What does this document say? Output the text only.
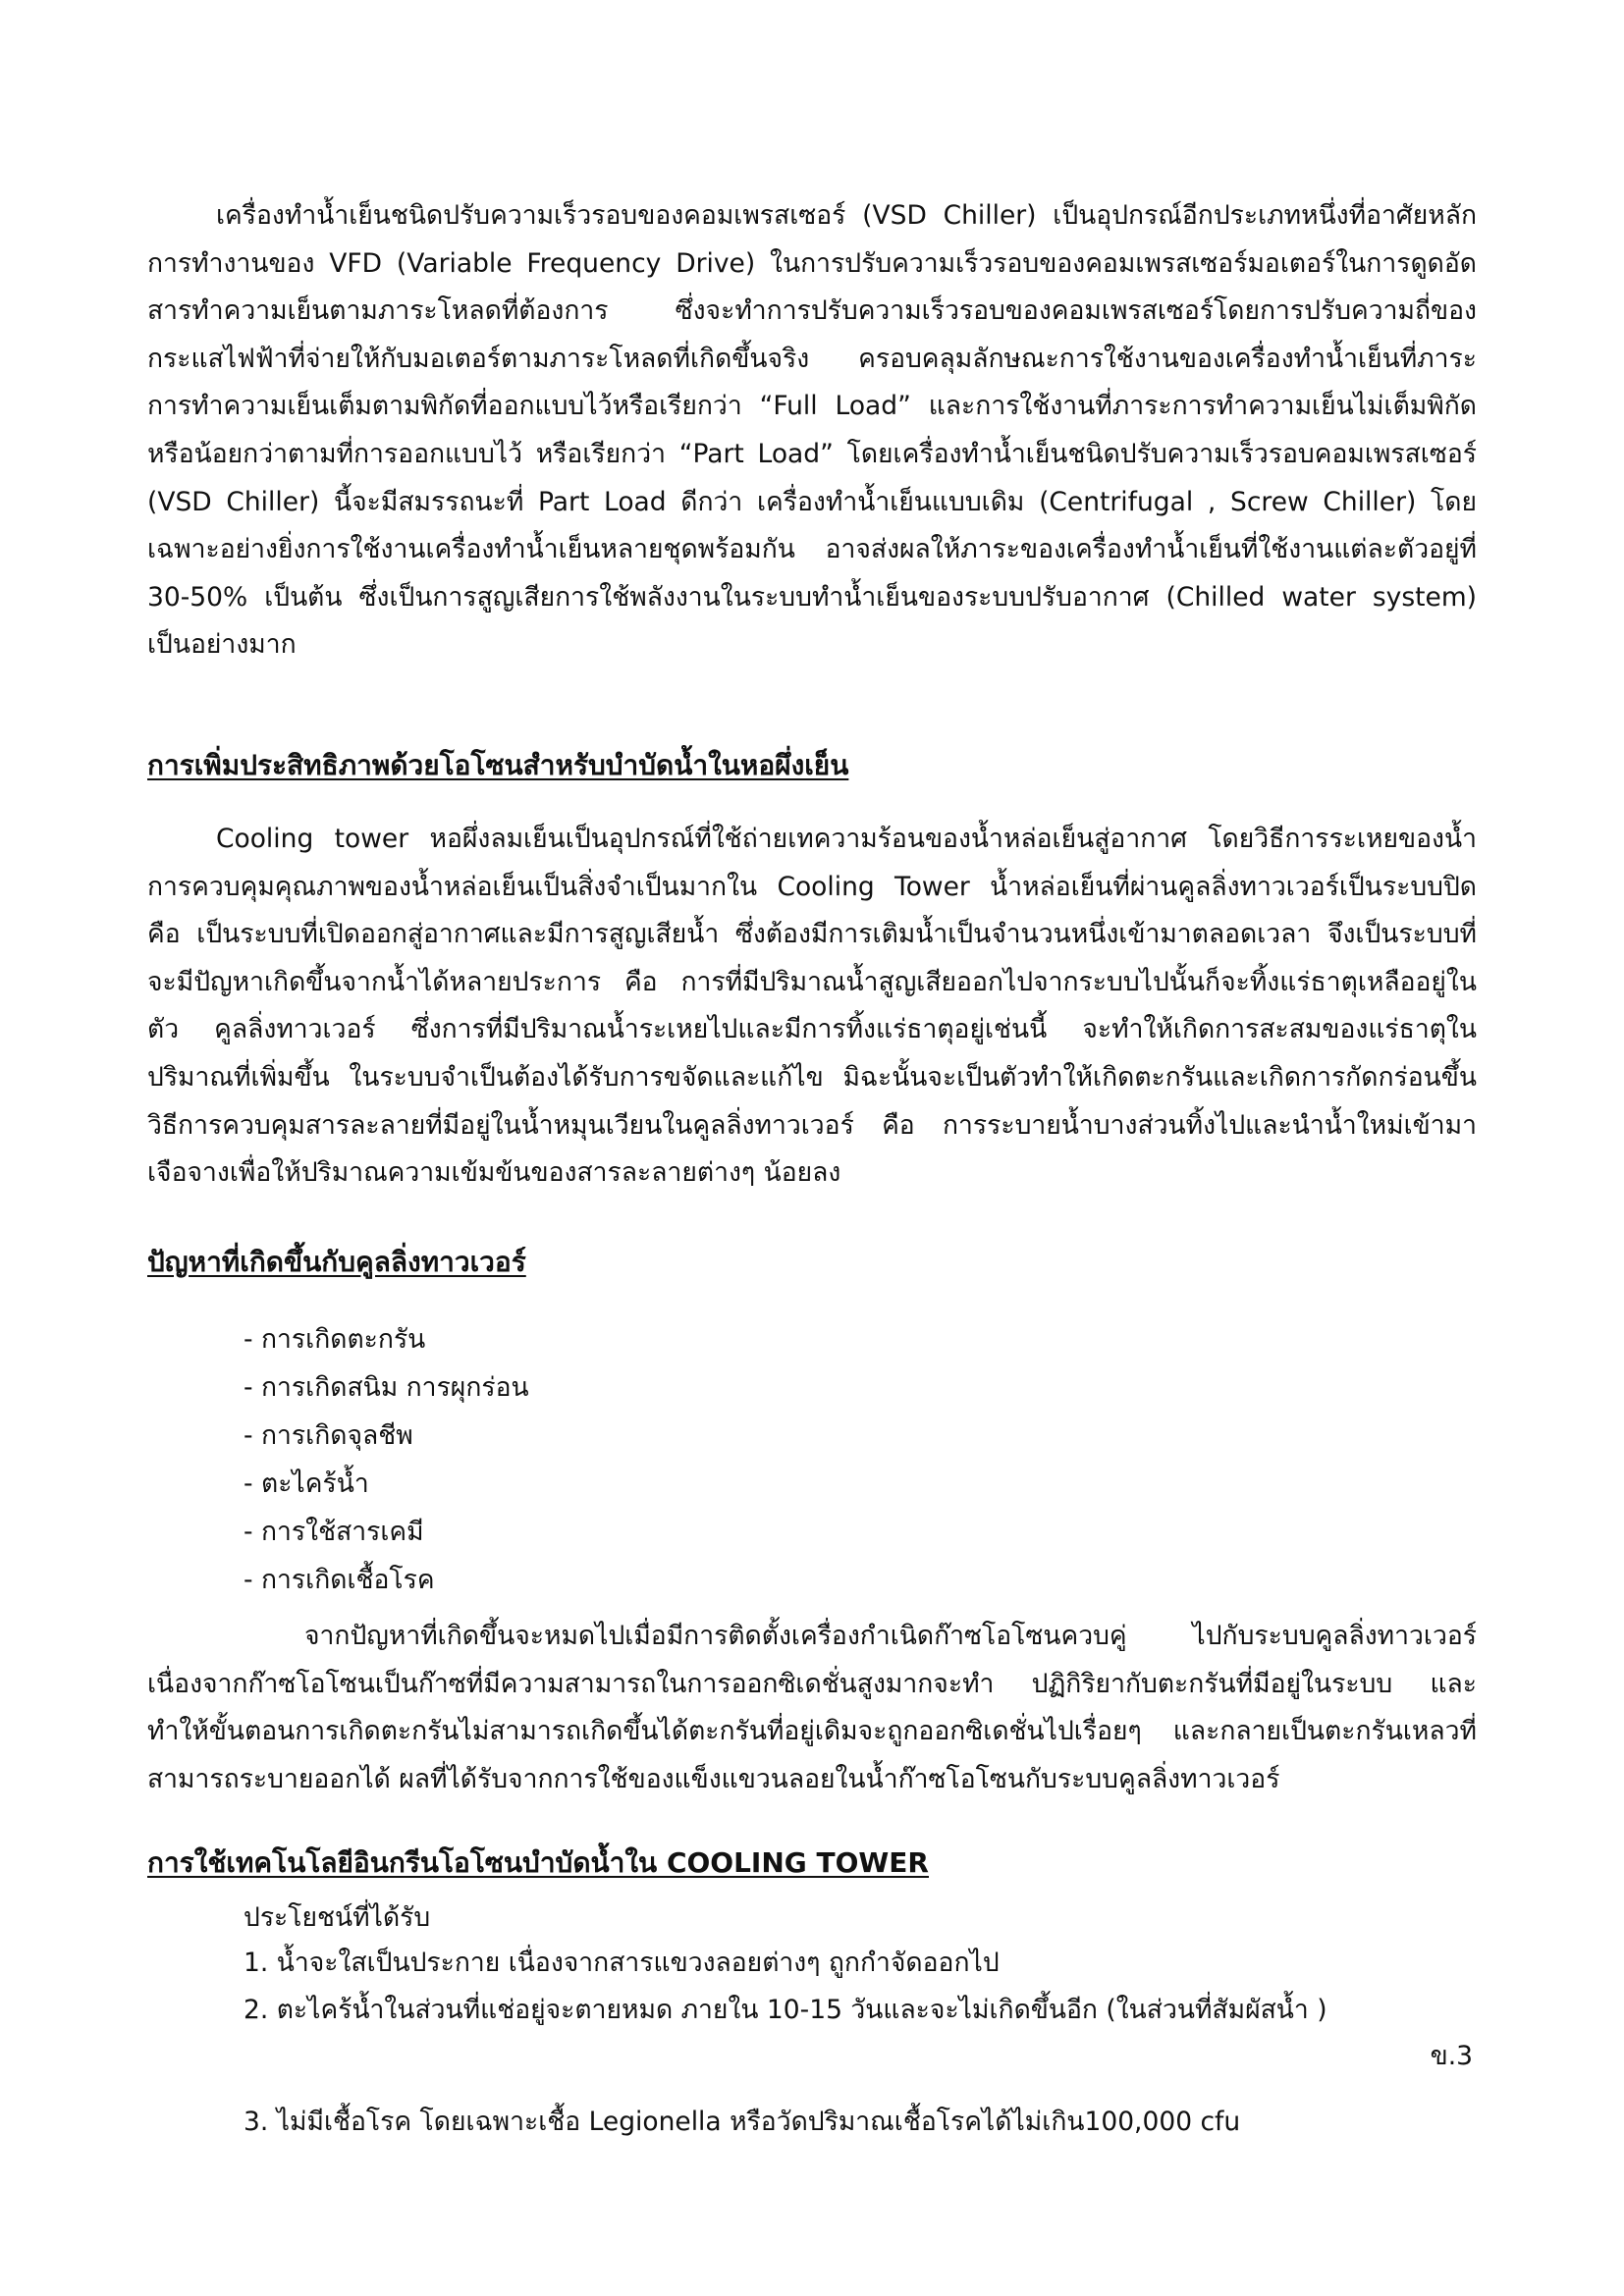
เครื่องทำน้ำเย็นชนิดปรับความเร็วรอบของคอมเพรสเซอร์ (VSD Chiller) เป็นอุปกรณ์อีกประเภทหนึ่งที่อาศัยหลักการทำงานของ VFD (Variable Frequency Drive) ในการปรับความเร็วรอบของคอมเพรสเซอร์มอเตอร์ในการดูดอัดสารทำความเย็นตามภาระโหลดที่ต้องการ ซึ่งจะทำการปรับความเร็วรอบของคอมเพรสเซอร์โดยการปรับความถี่ของกระแสไฟฟ้าที่จ่ายให้กับมอเตอร์ตามภาระโหลดที่เกิดขึ้นจริง ครอบคลุมลักษณะการใช้งานของเครื่องทำน้ำเย็นที่ภาระการทำความเย็นเต็มตามพิกัดที่ออกแบบไว้หรือเรียกว่า “Full Load” และการใช้งานที่ภาระการทำความเย็นไม่เต็มพิกัดหรือน้อยกว่าตามที่การออกแบบไว้ หรือเรียกว่า “Part Load” โดยเครื่องทำน้ำเย็นชนิดปรับความเร็วรอบคอมเพรสเซอร์ (VSD Chiller) นี้จะมีสมรรถนะที่ Part Load ดีกว่า เครื่องทำน้ำเย็นแบบเดิม (Centrifugal , Screw Chiller) โดยเฉพาะอย่างยิ่งการใช้งานเครื่องทำน้ำเย็นหลายชุดพร้อมกัน อาจส่งผลให้ภาระของเครื่องทำน้ำเย็นที่ใช้งานแต่ละตัวอยู่ที่ 30-50% เป็นต้น ซึ่งเป็นการสูญเสียการใช้พลังงานในระบบทำน้ำเย็นของระบบปรับอากาศ (Chilled water system) เป็นอย่างมาก

การเพิ่มประสิทธิภาพด้วยโอโซนสำหรับบำบัดน้ำในหอผึ่งเย็น

Cooling tower หอผึ่งลมเย็นเป็นอุปกรณ์ที่ใช้ถ่ายเทความร้อนของน้ำหล่อเย็นสู่อากาศ โดยวิธีการระเหยของน้ำ การควบคุมคุณภาพของน้ำหล่อเย็นเป็นสิ่งจำเป็นมากใน Cooling Tower น้ำหล่อเย็นที่ผ่านคูลลิ่งทาวเวอร์เป็นระบบปิด คือ เป็นระบบที่เปิดออกสู่อากาศและมีการสูญเสียน้ำ ซึ่งต้องมีการเติมน้ำเป็นจำนวนหนึ่งเข้ามาตลอดเวลา จึงเป็นระบบที่จะมีปัญหาเกิดขึ้นจากน้ำได้หลายประการ คือ การที่มีปริมาณน้ำสูญเสียออกไปจากระบบไปนั้นก็จะทิ้งแร่ธาตุเหลืออยู่ในตัว คูลลิ่งทาวเวอร์ ซึ่งการที่มีปริมาณน้ำระเหยไปและมีการทิ้งแร่ธาตุอยู่เช่นนี้ จะทำให้เกิดการสะสมของแร่ธาตุในปริมาณที่เพิ่มขึ้น ในระบบจำเป็นต้องได้รับการขจัดและแก้ไข มิฉะนั้นจะเป็นตัวทำให้เกิดตะกรันและเกิดการกัดกร่อนขึ้น วิธีการควบคุมสารละลายที่มีอยู่ในน้ำหมุนเวียนในคูลลิ่งทาวเวอร์ คือ การระบายน้ำบางส่วนทิ้งไปและนำน้ำใหม่เข้ามาเจือจางเพื่อให้ปริมาณความเข้มข้นของสารละลายต่างๆ น้อยลง

ปัญหาที่เกิดขึ้นกับคูลลิ่งทาวเวอร์
- การเกิดตะกรัน
- การเกิดสนิม การผุกร่อน
- การเกิดจุลชีพ
- ตะไคร้น้ำ
- การใช้สารเคมี
- การเกิดเชื้อโรค

จากปัญหาที่เกิดขึ้นจะหมดไปเมื่อมีการติดตั้งเครื่องกำเนิดก๊าซโอโซนควบคู่ ไปกับระบบคูลลิ่งทาวเวอร์เนื่องจากก๊าซโอโซนเป็นก๊าซที่มีความสามารถในการออกซิเดชั่นสูงมากจะทำ ปฏิกิริยากับตะกรันที่มีอยู่ในระบบ และทำให้ขั้นตอนการเกิดตะกรันไม่สามารถเกิดขึ้นได้ตะกรันที่อยู่เดิมจะถูกออกซิเดชั่นไปเรื่อยๆ และกลายเป็นตะกรันเหลวที่สามารถระบายออกได้ ผลที่ได้รับจากการใช้ของแข็งแขวนลอยในน้ำก๊าซโอโซนกับระบบคูลลิ่งทาวเวอร์

การใช้เทคโนโลยีอินกรีนโอโซนบำบัดน้ำใน COOLING TOWER

ประโยชน์ที่ได้รับ

1. น้ำจะใสเป็นประกาย เนื่องจากสารแขวงลอยต่างๆ ถูกกำจัดออกไป
2. ตะไคร้น้ำในส่วนที่แช่อยู่จะตายหมด ภายใน 10-15 วันและจะไม่เกิดขึ้นอีก (ในส่วนที่สัมผัสน้ำ )

ข.3

3. ไม่มีเชื้อโรค โดยเฉพาะเชื้อ Legionella หรือวัดปริมาณเชื้อโรคได้ไม่เกิน100,000 cfu
